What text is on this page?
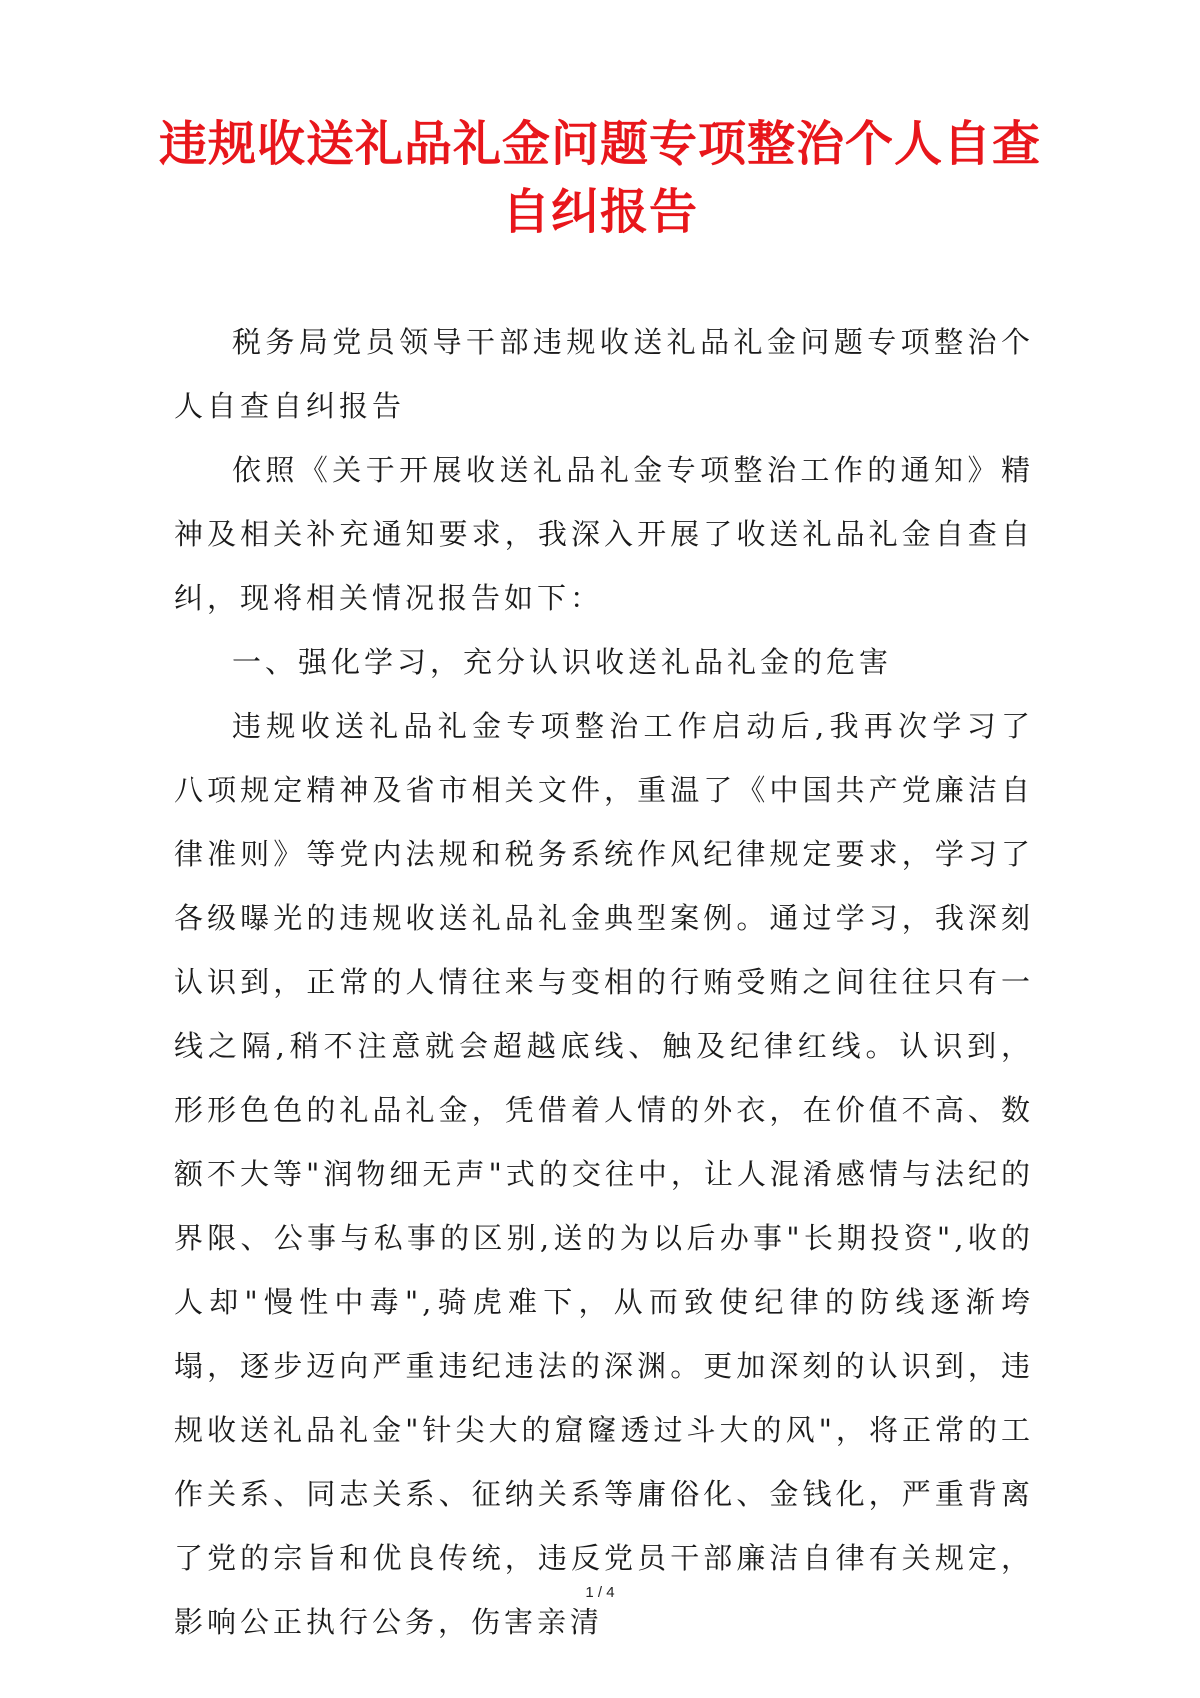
违规收送礼品礼金问题专项整治个人自查自纠报告

税务局党员领导干部违规收送礼品礼金问题专项整治个人自查自纠报告

依照《关于开展收送礼品礼金专项整治工作的通知》精神及相关补充通知要求，我深入开展了收送礼品礼金自查自纠，现将相关情况报告如下：

一、强化学习，充分认识收送礼品礼金的危害

违规收送礼品礼金专项整治工作启动后,我再次学习了八项规定精神及省市相关文件，重温了《中国共产党廉洁自律准则》等党内法规和税务系统作风纪律规定要求，学习了各级曝光的违规收送礼品礼金典型案例。通过学习，我深刻认识到，正常的人情往来与变相的行贿受贿之间往往只有一线之隔,稍不注意就会超越底线、触及纪律红线。认识到，形形色色的礼品礼金，凭借着人情的外衣，在价值不高、数额不大等"润物细无声"式的交往中，让人混淆感情与法纪的界限、公事与私事的区别,送的为以后办事"长期投资",收的人却"慢性中毒",骑虎难下，从而致使纪律的防线逐渐垮塌，逐步迈向严重违纪违法的深渊。更加深刻的认识到，违规收送礼品礼金"针尖大的窟窿透过斗大的风"，将正常的工作关系、同志关系、征纳关系等庸俗化、金钱化，严重背离了党的宗旨和优良传统，违反党员干部廉洁自律有关规定，影响公正执行公务，伤害亲清

1 / 4
